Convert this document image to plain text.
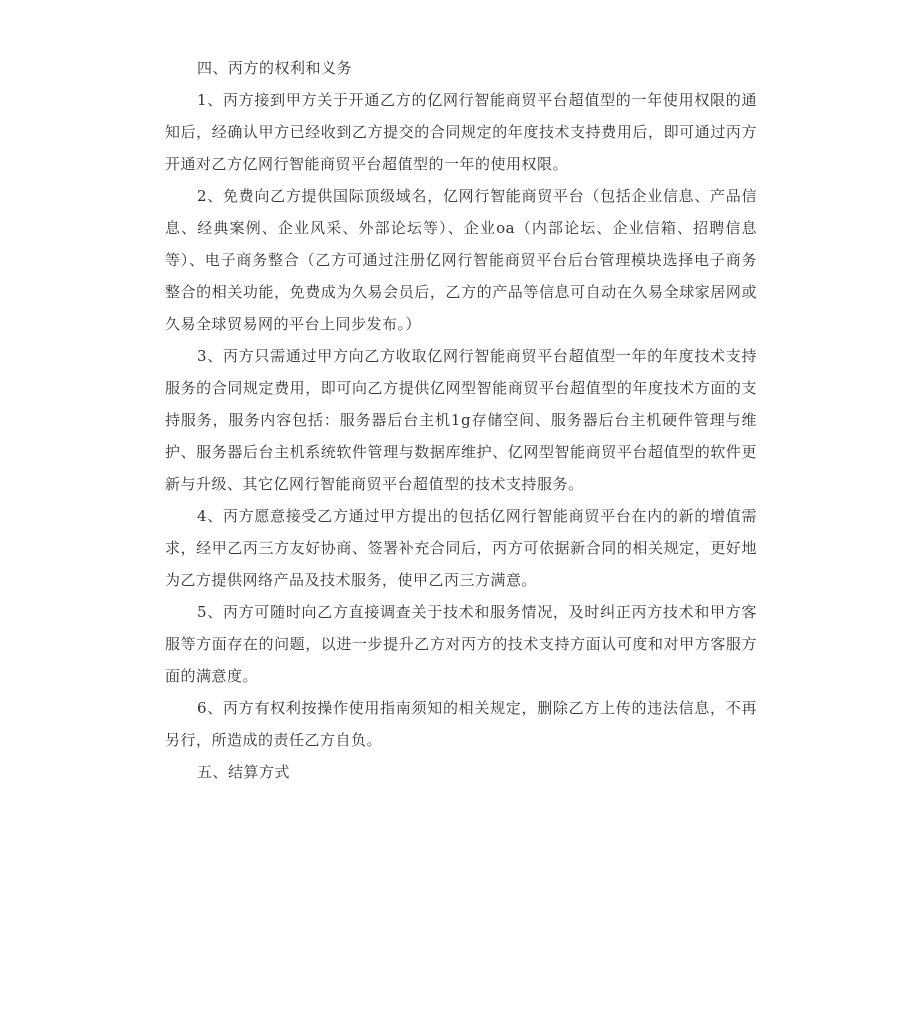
四、丙方的权利和义务

1、丙方接到甲方关于开通乙方的亿网行智能商贸平台超值型的一年使用权限的通知后，经确认甲方已经收到乙方提交的合同规定的年度技术支持费用后，即可通过丙方开通对乙方亿网行智能商贸平台超值型的一年的使用权限。

2、免费向乙方提供国际顶级域名，亿网行智能商贸平台（包括企业信息、产品信息、经典案例、企业风采、外部论坛等）、企业oa（内部论坛、企业信箱、招聘信息等）、电子商务整合（乙方可通过注册亿网行智能商贸平台后台管理模块选择电子商务整合的相关功能，免费成为久易会员后，乙方的产品等信息可自动在久易全球家居网或久易全球贸易网的平台上同步发布。）

3、丙方只需通过甲方向乙方收取亿网行智能商贸平台超值型一年的年度技术支持服务的合同规定费用，即可向乙方提供亿网型智能商贸平台超值型的年度技术方面的支持服务，服务内容包括：服务器后台主机1g存储空间、服务器后台主机硬件管理与维护、服务器后台主机系统软件管理与数据库维护、亿网型智能商贸平台超值型的软件更新与升级、其它亿网行智能商贸平台超值型的技术支持服务。

4、丙方愿意接受乙方通过甲方提出的包括亿网行智能商贸平台在内的新的增值需求，经甲乙丙三方友好协商、签署补充合同后，丙方可依据新合同的相关规定，更好地为乙方提供网络产品及技术服务，使甲乙丙三方满意。

5、丙方可随时向乙方直接调查关于技术和服务情况，及时纠正丙方技术和甲方客服等方面存在的问题，以进一步提升乙方对丙方的技术支持方面认可度和对甲方客服方面的满意度。

6、丙方有权利按操作使用指南须知的相关规定，删除乙方上传的违法信息，不再另行，所造成的责任乙方自负。

五、结算方式
